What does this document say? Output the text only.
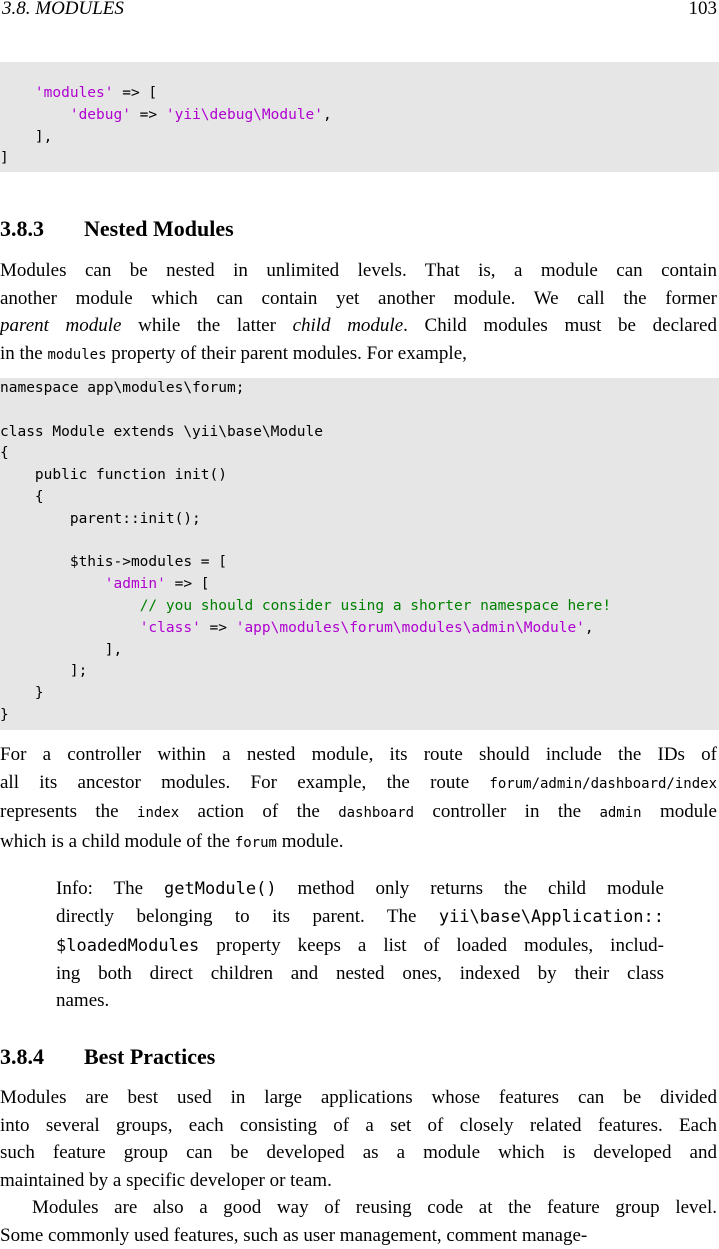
3.8. MODULES	103
'modules' => [
'debug' => 'yii\debug\Module',
],
]
3.8.3 Nested Modules
Modules can be nested in unlimited levels. That is, a module can contain
another module which can contain yet another module. We call the former
parent module while the latter child module. Child modules must be declared
in the modules property of their parent modules. For example,
namespace app\modules\forum;
class Module extends \yii\base\Module
{
public function init()
{
parent::init();
$this->modules = [
'admin' => [
// you should consider using a shorter namespace here!
'class' => 'app\modules\forum\modules\admin\Module',
],
];
}
}
For a controller within a nested module, its route should include the IDs of
all its ancestor modules. For example, the route forum/admin/dashboard/index
represents the index action of the dashboard controller in the admin module
which is a child module of the forum module.
Info: The getModule() method only returns the child module
directly belonging to its parent. The yii\base\Application::
$loadedModules property keeps a list of loaded modules, includ-
ing both direct children and nested ones, indexed by their class
names.
3.8.4 Best Practices
Modules are best used in large applications whose features can be divided
into several groups, each consisting of a set of closely related features. Each
such feature group can be developed as a module which is developed and
maintained by a specific developer or team.
Modules are also a good way of reusing code at the feature group level.
Some commonly used features, such as user management, comment manage-
